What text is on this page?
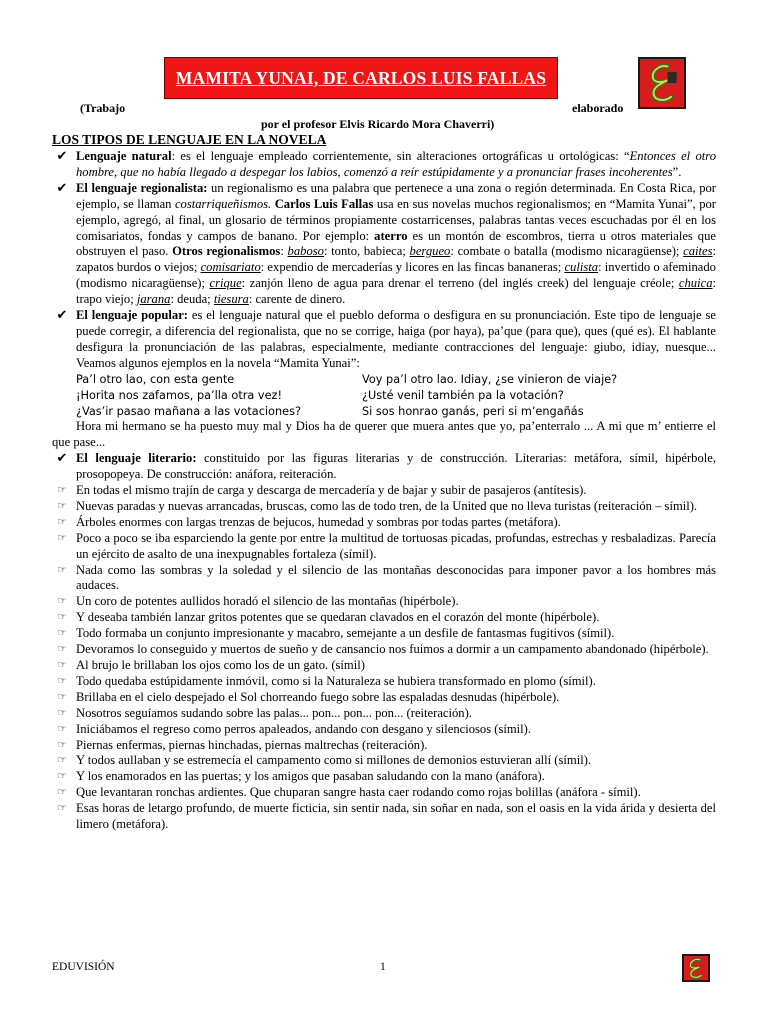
MAMITA YUNAI, DE CARLOS LUIS FALLAS
(Trabajo	elaborado
por el profesor Elvis Ricardo Mora Chaverri)
LOS TIPOS DE LENGUAJE EN LA NOVELA
✔ Lenguaje natural: es el lenguaje empleado corrientemente, sin alteraciones ortográficas u ortológicas: “Entonces el otro hombre, que no había llegado a despegar los labios, comenzó a reír estúpidamente y a pronunciar frases incoherentes”.
✔ El lenguaje regionalista: un regionalismo es una palabra que pertenece a una zona o región determinada. En Costa Rica, por ejemplo, se llaman costarriqueñismos. Carlos Luis Fallas usa en sus novelas muchos regionalismos; en “Mamita Yunai”, por ejemplo, agregó, al final, un glosario de términos propiamente costarricenses, palabras tantas veces escuchadas por él en los comisariatos, fondas y campos de banano. Por ejemplo: aterro es un montón de escombros, tierra u otros materiales que obstruyen el paso. Otros regionalismos: baboso: tonto, babieca; bergueo: combate o batalla (modismo nicaragüense); caites: zapatos burdos o viejos; comisariato: expendio de mercaderías y licores en las fincas bananeras; culista: invertido o afeminado (modismo nicaragüense); crique: zanjón lleno de agua para drenar el terreno (del inglés creek) del lenguaje créole; chuica: trapo viejo; jarana: deuda; tiesura: carente de dinero.
✔ El lenguaje popular: es el lenguaje natural que el pueblo deforma o desfigura en su pronunciación. Este tipo de lenguaje se puede corregir, a diferencia del regionalista, que no se corrige, haiga (por haya), pa’que (para que), ques (qué es). El hablante desfigura la pronunciación de las palabras, especialmente, mediante contracciones del lenguaje: giubo, idiay, nuesque... Veamos algunos ejemplos en la novela “Mamita Yunai”:
Pa’l otro lao, con esta gente	Voy pa’l otro lao. Idiay, ¿se vinieron de viaje?
¡Horita nos zafamos, pa’lla otra vez!	¿Usté venil también pa la votación?
¿Vas’ir pasao mañana a las votaciones?	Si sos honrao ganás, peri si m’engañás
Hora mi hermano se ha puesto muy mal y Dios ha de querer que muera antes que yo, pa’enterralo ... A mi que m’ entierre el que pase...
✔ El lenguaje literario: constituido por las figuras literarias y de construcción. Literarias: metáfora, símil, hipérbole, prosopopeya. De construcción: anáfora, reiteración.
☞ En todas el mismo trajín de carga y descarga de mercadería y de bajar y subir de pasajeros (antítesis).
☞ Nuevas paradas y nuevas arrancadas, bruscas, como las de todo tren, de la United que no lleva turistas (reiteración – símil).
☞ Árboles enormes con largas trenzas de bejucos, humedad y sombras por todas partes (metáfora).
☞ Poco a poco se iba esparciendo la gente por entre la multitud de tortuosas picadas, profundas, estrechas y resbaladizas. Parecía un ejército de asalto de una inexpugnables fortaleza (símil).
☞ Nada como las sombras y la soledad y el silencio de las montañas desconocidas para imponer pavor a los hombres más audaces.
☞ Un coro de potentes aullidos horadó el silencio de las montañas (hipérbole).
☞ Y deseaba también lanzar gritos potentes que se quedaran clavados en el corazón del monte (hipérbole).
☞ Todo formaba un conjunto impresionante y macabro, semejante a un desfile de fantasmas fugitivos (símil).
☞ Devoramos lo conseguido y muertos de sueño y de cansancio nos fuimos a dormir a un campamento abandonado (hipérbole).
☞ Al brujo le brillaban los ojos como los de un gato. (símil)
☞ Todo quedaba estúpidamente inmóvil, como si la Naturaleza se hubiera transformado en plomo (símil).
☞ Brillaba en el cielo despejado el Sol chorreando fuego sobre las espaladas desnudas (hipérbole).
☞ Nosotros seguíamos sudando sobre las palas... pon... pon... pon... (reiteración).
☞ Iniciábamos el regreso como perros apaleados, andando con desgano y silenciosos (símil).
☞ Piernas enfermas, piernas hinchadas, piernas maltrechas (reiteración).
☞ Y todos aullaban y se estremecía el campamento como si millones de demonios estuvieran allí (símil).
☞ Y los enamorados en las puertas; y los amigos que pasaban saludando con la mano (anáfora).
☞ Que levantaran ronchas ardientes. Que chuparan sangre hasta caer rodando como rojas bolillas (anáfora - símil).
☞ Esas horas de letargo profundo, de muerte ficticia, sin sentir nada, sin soñar en nada, son el oasis en la vida árida y desierta del limero (metáfora).
EDUVISIÓN	1
